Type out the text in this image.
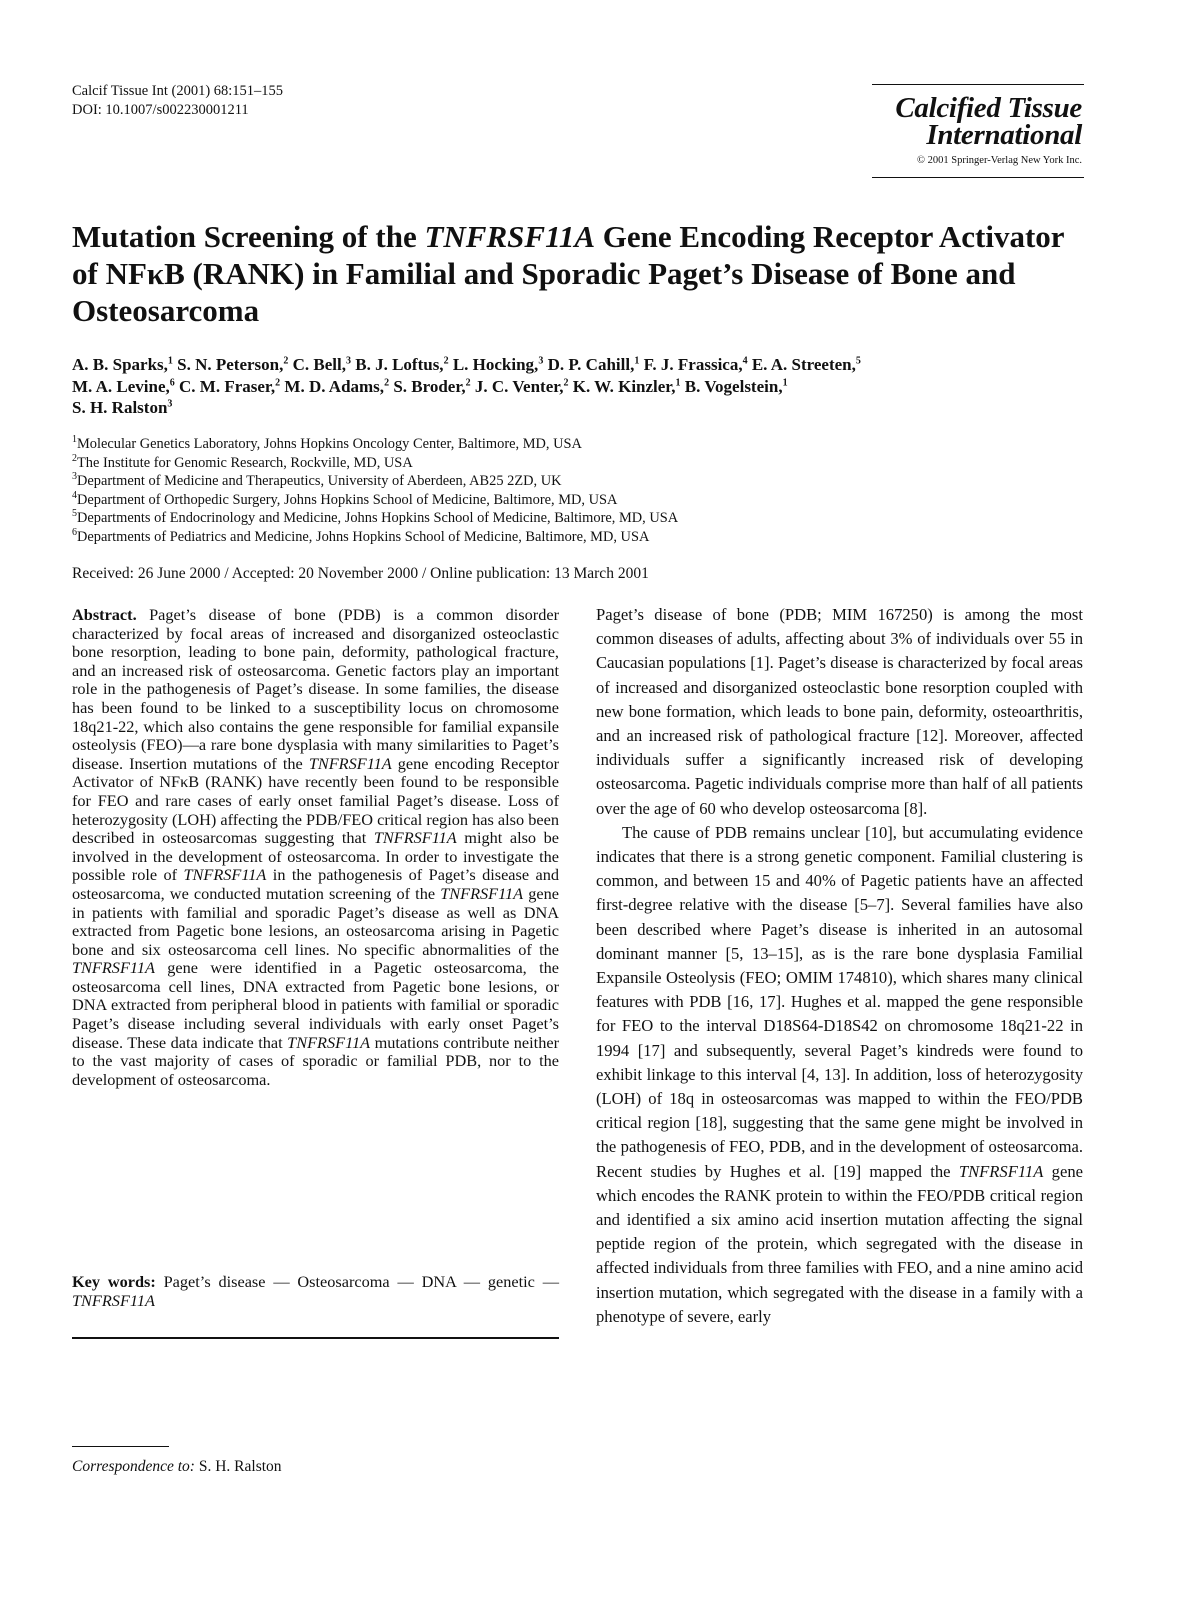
Calcif Tissue Int (2001) 68:151–155
DOI: 10.1007/s002230001211	Calcified Tissue
International
© 2001 Springer-Verlag New York Inc.
Mutation Screening of the TNFRSF11A Gene Encoding Receptor Activator of NFκB (RANK) in Familial and Sporadic Paget’s Disease of Bone and Osteosarcoma
A. B. Sparks,$^1$ S. N. Peterson,$^2$ C. Bell,$^3$ B. J. Loftus,$^2$ L. Hocking,$^3$ D. P. Cahill,$^1$ F. J. Frassica,$^4$ E. A. Streeten,$^5$
M. A. Levine,$^6$ C. M. Fraser,$^2$ M. D. Adams,$^2$ S. Broder,$^2$ J. C. Venter,$^2$ K. W. Kinzler,$^1$ B. Vogelstein,$^1$
S. H. Ralston$^3$
$^1$Molecular Genetics Laboratory, Johns Hopkins Oncology Center, Baltimore, MD, USA
$^2$The Institute for Genomic Research, Rockville, MD, USA
$^3$Department of Medicine and Therapeutics, University of Aberdeen, AB25 2ZD, UK
$^4$Department of Orthopedic Surgery, Johns Hopkins School of Medicine, Baltimore, MD, USA
$^5$Departments of Endocrinology and Medicine, Johns Hopkins School of Medicine, Baltimore, MD, USA
$^6$Departments of Pediatrics and Medicine, Johns Hopkins School of Medicine, Baltimore, MD, USA
Received: 26 June 2000 / Accepted: 20 November 2000 / Online publication: 13 March 2001
Abstract. Paget’s disease of bone (PDB) is a common disorder characterized by focal areas of increased and disorganized osteoclastic bone resorption, leading to bone pain, deformity, pathological fracture, and an increased risk of osteosarcoma. Genetic factors play an important role in the pathogenesis of Paget’s disease. In some families, the disease has been found to be linked to a susceptibility locus on chromosome 18q21-22, which also contains the gene responsible for familial expansile osteolysis (FEO)—a rare bone dysplasia with many similarities to Paget’s disease. Insertion mutations of the TNFRSF11A gene encoding Receptor Activator of NFκB (RANK) have recently been found to be responsible for FEO and rare cases of early onset familial Paget’s disease. Loss of heterozygosity (LOH) affecting the PDB/FEO critical region has also been described in osteosarcomas suggesting that TNFRSF11A might also be involved in the development of osteosarcoma. In order to investigate the possible role of TNFRSF11A in the pathogenesis of Paget’s disease and osteosarcoma, we conducted mutation screening of the TNFRSF11A gene in patients with familial and sporadic Paget’s disease as well as DNA extracted from Pagetic bone lesions, an osteosarcoma arising in Pagetic bone and six osteosarcoma cell lines. No specific abnormalities of the TNFRSF11A gene were identified in a Pagetic osteosarcoma, the osteosarcoma cell lines, DNA extracted from Pagetic bone lesions, or DNA extracted from peripheral blood in patients with familial or sporadic Paget’s disease including several individuals with early onset Paget’s disease. These data indicate that TNFRSF11A mutations contribute neither to the vast majority of cases of sporadic or familial PDB, nor to the development of osteosarcoma.
Key words: Paget’s disease — Osteosarcoma — DNA — genetic — TNFRSF11A
Correspondence to: S. H. Ralston

Paget’s disease of bone (PDB; MIM 167250) is among the most common diseases of adults, affecting about 3% of individuals over 55 in Caucasian populations [1]. Paget’s disease is characterized by focal areas of increased and disorganized osteoclastic bone resorption coupled with new bone formation, which leads to bone pain, deformity, osteoarthritis, and an increased risk of pathological fracture [12]. Moreover, affected individuals suffer a significantly increased risk of developing osteosarcoma. Pagetic individuals comprise more than half of all patients over the age of 60 who develop osteosarcoma [8].

The cause of PDB remains unclear [10], but accumulating evidence indicates that there is a strong genetic component. Familial clustering is common, and between 15 and 40% of Pagetic patients have an affected first-degree relative with the disease [5–7]. Several families have also been described where Paget’s disease is inherited in an autosomal dominant manner [5, 13–15], as is the rare bone dysplasia Familial Expansile Osteolysis (FEO; OMIM 174810), which shares many clinical features with PDB [16, 17]. Hughes et al. mapped the gene responsible for FEO to the interval D18S64-D18S42 on chromosome 18q21-22 in 1994 [17] and subsequently, several Paget’s kindreds were found to exhibit linkage to this interval [4, 13]. In addition, loss of heterozygosity (LOH) of 18q in osteosarcomas was mapped to within the FEO/PDB critical region [18], suggesting that the same gene might be involved in the pathogenesis of FEO, PDB, and in the development of osteosarcoma. Recent studies by Hughes et al. [19] mapped the TNFRSF11A gene which encodes the RANK protein to within the FEO/PDB critical region and identified a six amino acid insertion mutation affecting the signal peptide region of the protein, which segregated with the disease in affected individuals from three families with FEO, and a nine amino acid insertion mutation, which segregated with the disease in a family with a phenotype of severe, early
